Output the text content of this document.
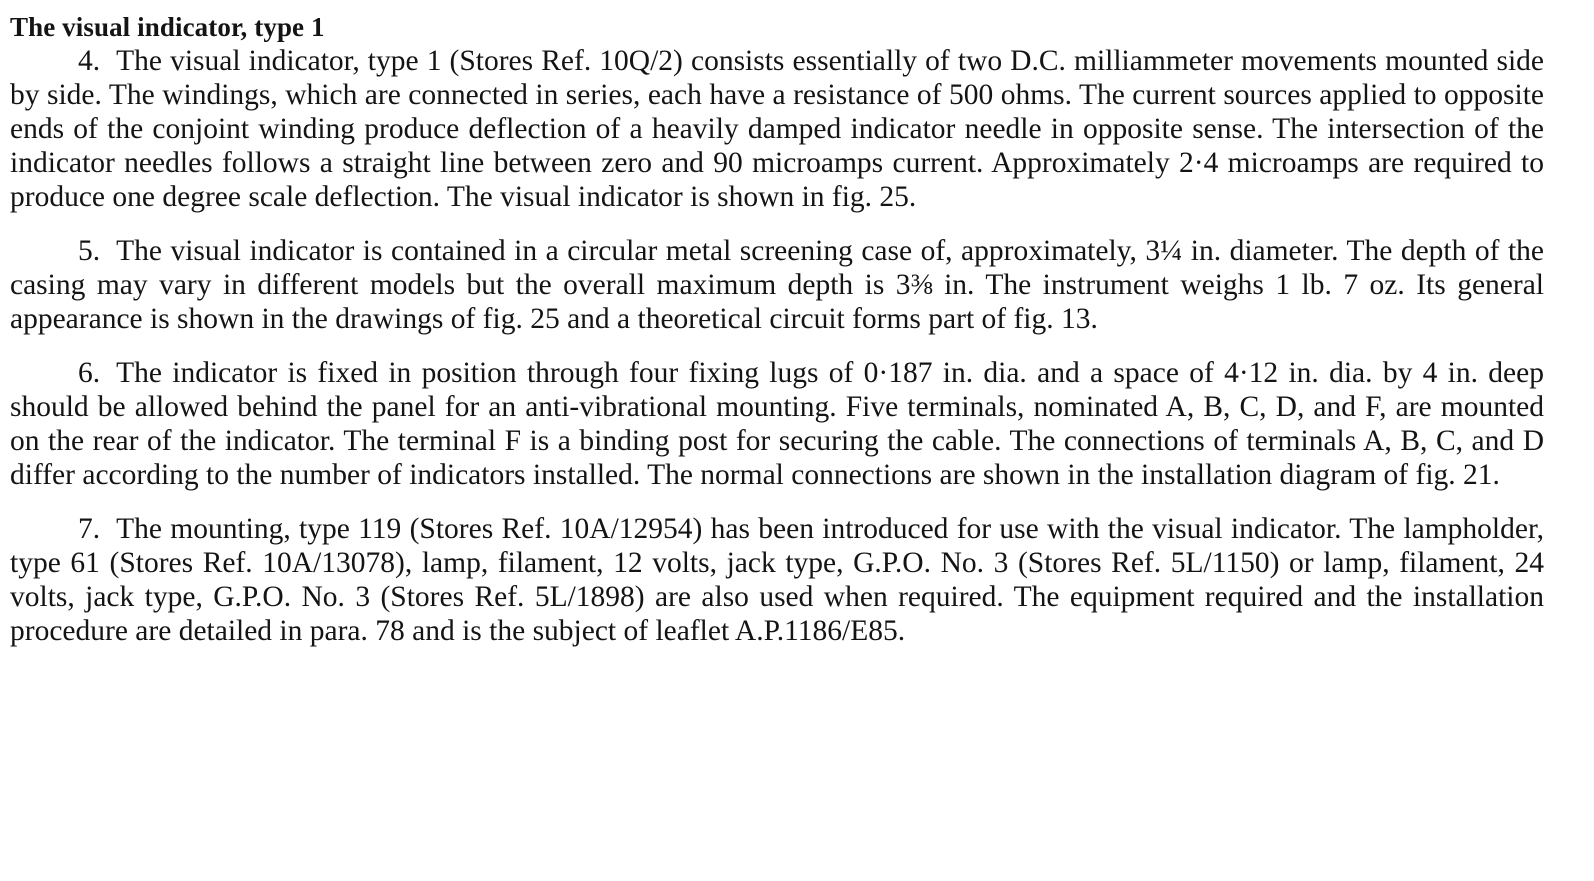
The visual indicator, type 1

4. The visual indicator, type 1 (Stores Ref. 10Q/2) consists essentially of two D.C. milliammeter movements mounted side by side. The windings, which are connected in series, each have a resistance of 500 ohms. The current sources applied to opposite ends of the conjoint winding produce deflection of a heavily damped indicator needle in opposite sense. The intersection of the indicator needles follows a straight line between zero and 90 microamps current. Approximately 2·4 microamps are required to produce one degree scale deflection. The visual indicator is shown in fig. 25.

5. The visual indicator is contained in a circular metal screening case of, approximately, 3¼ in. diameter. The depth of the casing may vary in different models but the overall maximum depth is 3⅜ in. The instrument weighs 1 lb. 7 oz. Its general appearance is shown in the drawings of fig. 25 and a theoretical circuit forms part of fig. 13.

6. The indicator is fixed in position through four fixing lugs of 0·187 in. dia. and a space of 4·12 in. dia. by 4 in. deep should be allowed behind the panel for an anti-vibrational mounting. Five terminals, nominated A, B, C, D, and F, are mounted on the rear of the indicator. The terminal F is a binding post for securing the cable. The connections of terminals A, B, C, and D differ according to the number of indicators installed. The normal connections are shown in the installation diagram of fig. 21.

7. The mounting, type 119 (Stores Ref. 10A/12954) has been introduced for use with the visual indicator. The lampholder, type 61 (Stores Ref. 10A/13078), lamp, filament, 12 volts, jack type, G.P.O. No. 3 (Stores Ref. 5L/1150) or lamp, filament, 24 volts, jack type, G.P.O. No. 3 (Stores Ref. 5L/1898) are also used when required. The equipment required and the installation procedure are detailed in para. 78 and is the subject of leaflet A.P.1186/E85.
